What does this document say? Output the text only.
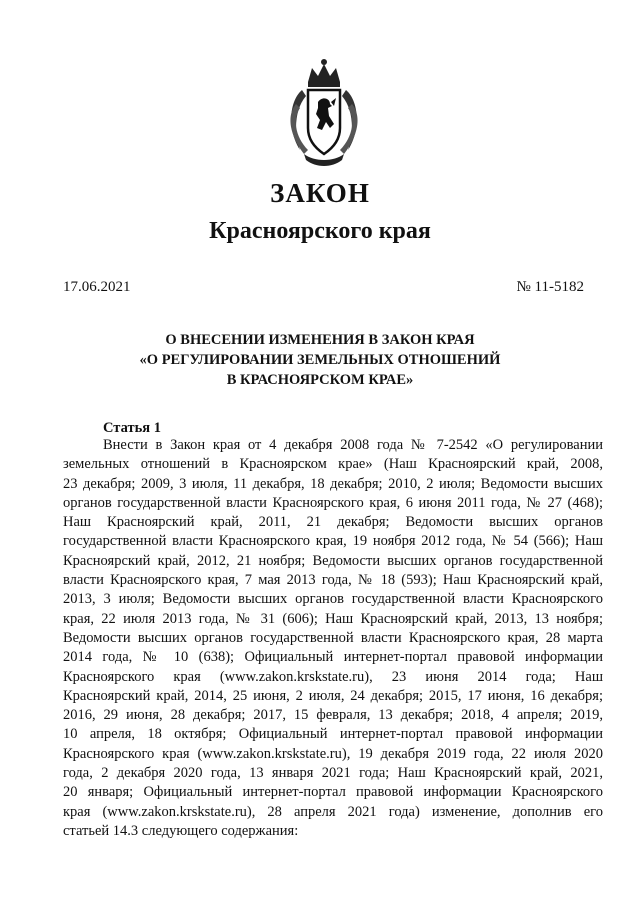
ЗАКОН
Красноярского края
17.06.2021	№ 11-5182
О ВНЕСЕНИИ ИЗМЕНЕНИЯ В ЗАКОН КРАЯ
«О РЕГУЛИРОВАНИИ ЗЕМЕЛЬНЫХ ОТНОШЕНИЙ
В КРАСНОЯРСКОМ КРАЕ»
Статья 1
Внести в Закон края от 4 декабря 2008 года № 7-2542 «О регулировании
земельных отношений в Красноярском крае» (Наш Красноярский край, 2008,
23 декабря; 2009, 3 июля, 11 декабря, 18 декабря; 2010, 2 июля; Ведомости высших
органов государственной власти Красноярского края, 6 июня 2011 года, № 27 (468);
Наш Красноярский край, 2011, 21 декабря; Ведомости высших органов
государственной власти Красноярского края, 19 ноября 2012 года, № 54 (566); Наш
Красноярский край, 2012, 21 ноября; Ведомости высших органов государственной
власти Красноярского края, 7 мая 2013 года, № 18 (593); Наш Красноярский край,
2013, 3 июля; Ведомости высших органов государственной власти Красноярского
края, 22 июля 2013 года, № 31 (606); Наш Красноярский край, 2013, 13 ноября;
Ведомости высших органов государственной власти Красноярского края, 28 марта
2014 года, № 10 (638); Официальный интернет-портал правовой информации
Красноярского края (www.zakon.krskstate.ru), 23 июня 2014 года; Наш
Красноярский край, 2014, 25 июня, 2 июля, 24 декабря; 2015, 17 июня, 16 декабря;
2016, 29 июня, 28 декабря; 2017, 15 февраля, 13 декабря; 2018, 4 апреля; 2019,
10 апреля, 18 октября; Официальный интернет-портал правовой информации
Красноярского края (www.zakon.krskstate.ru), 19 декабря 2019 года, 22 июля 2020
года, 2 декабря 2020 года, 13 января 2021 года; Наш Красноярский край, 2021,
20 января; Официальный интернет-портал правовой информации Красноярского
края (www.zakon.krskstate.ru), 28 апреля 2021 года) изменение, дополнив его
статьей 14.3 следующего содержания:
